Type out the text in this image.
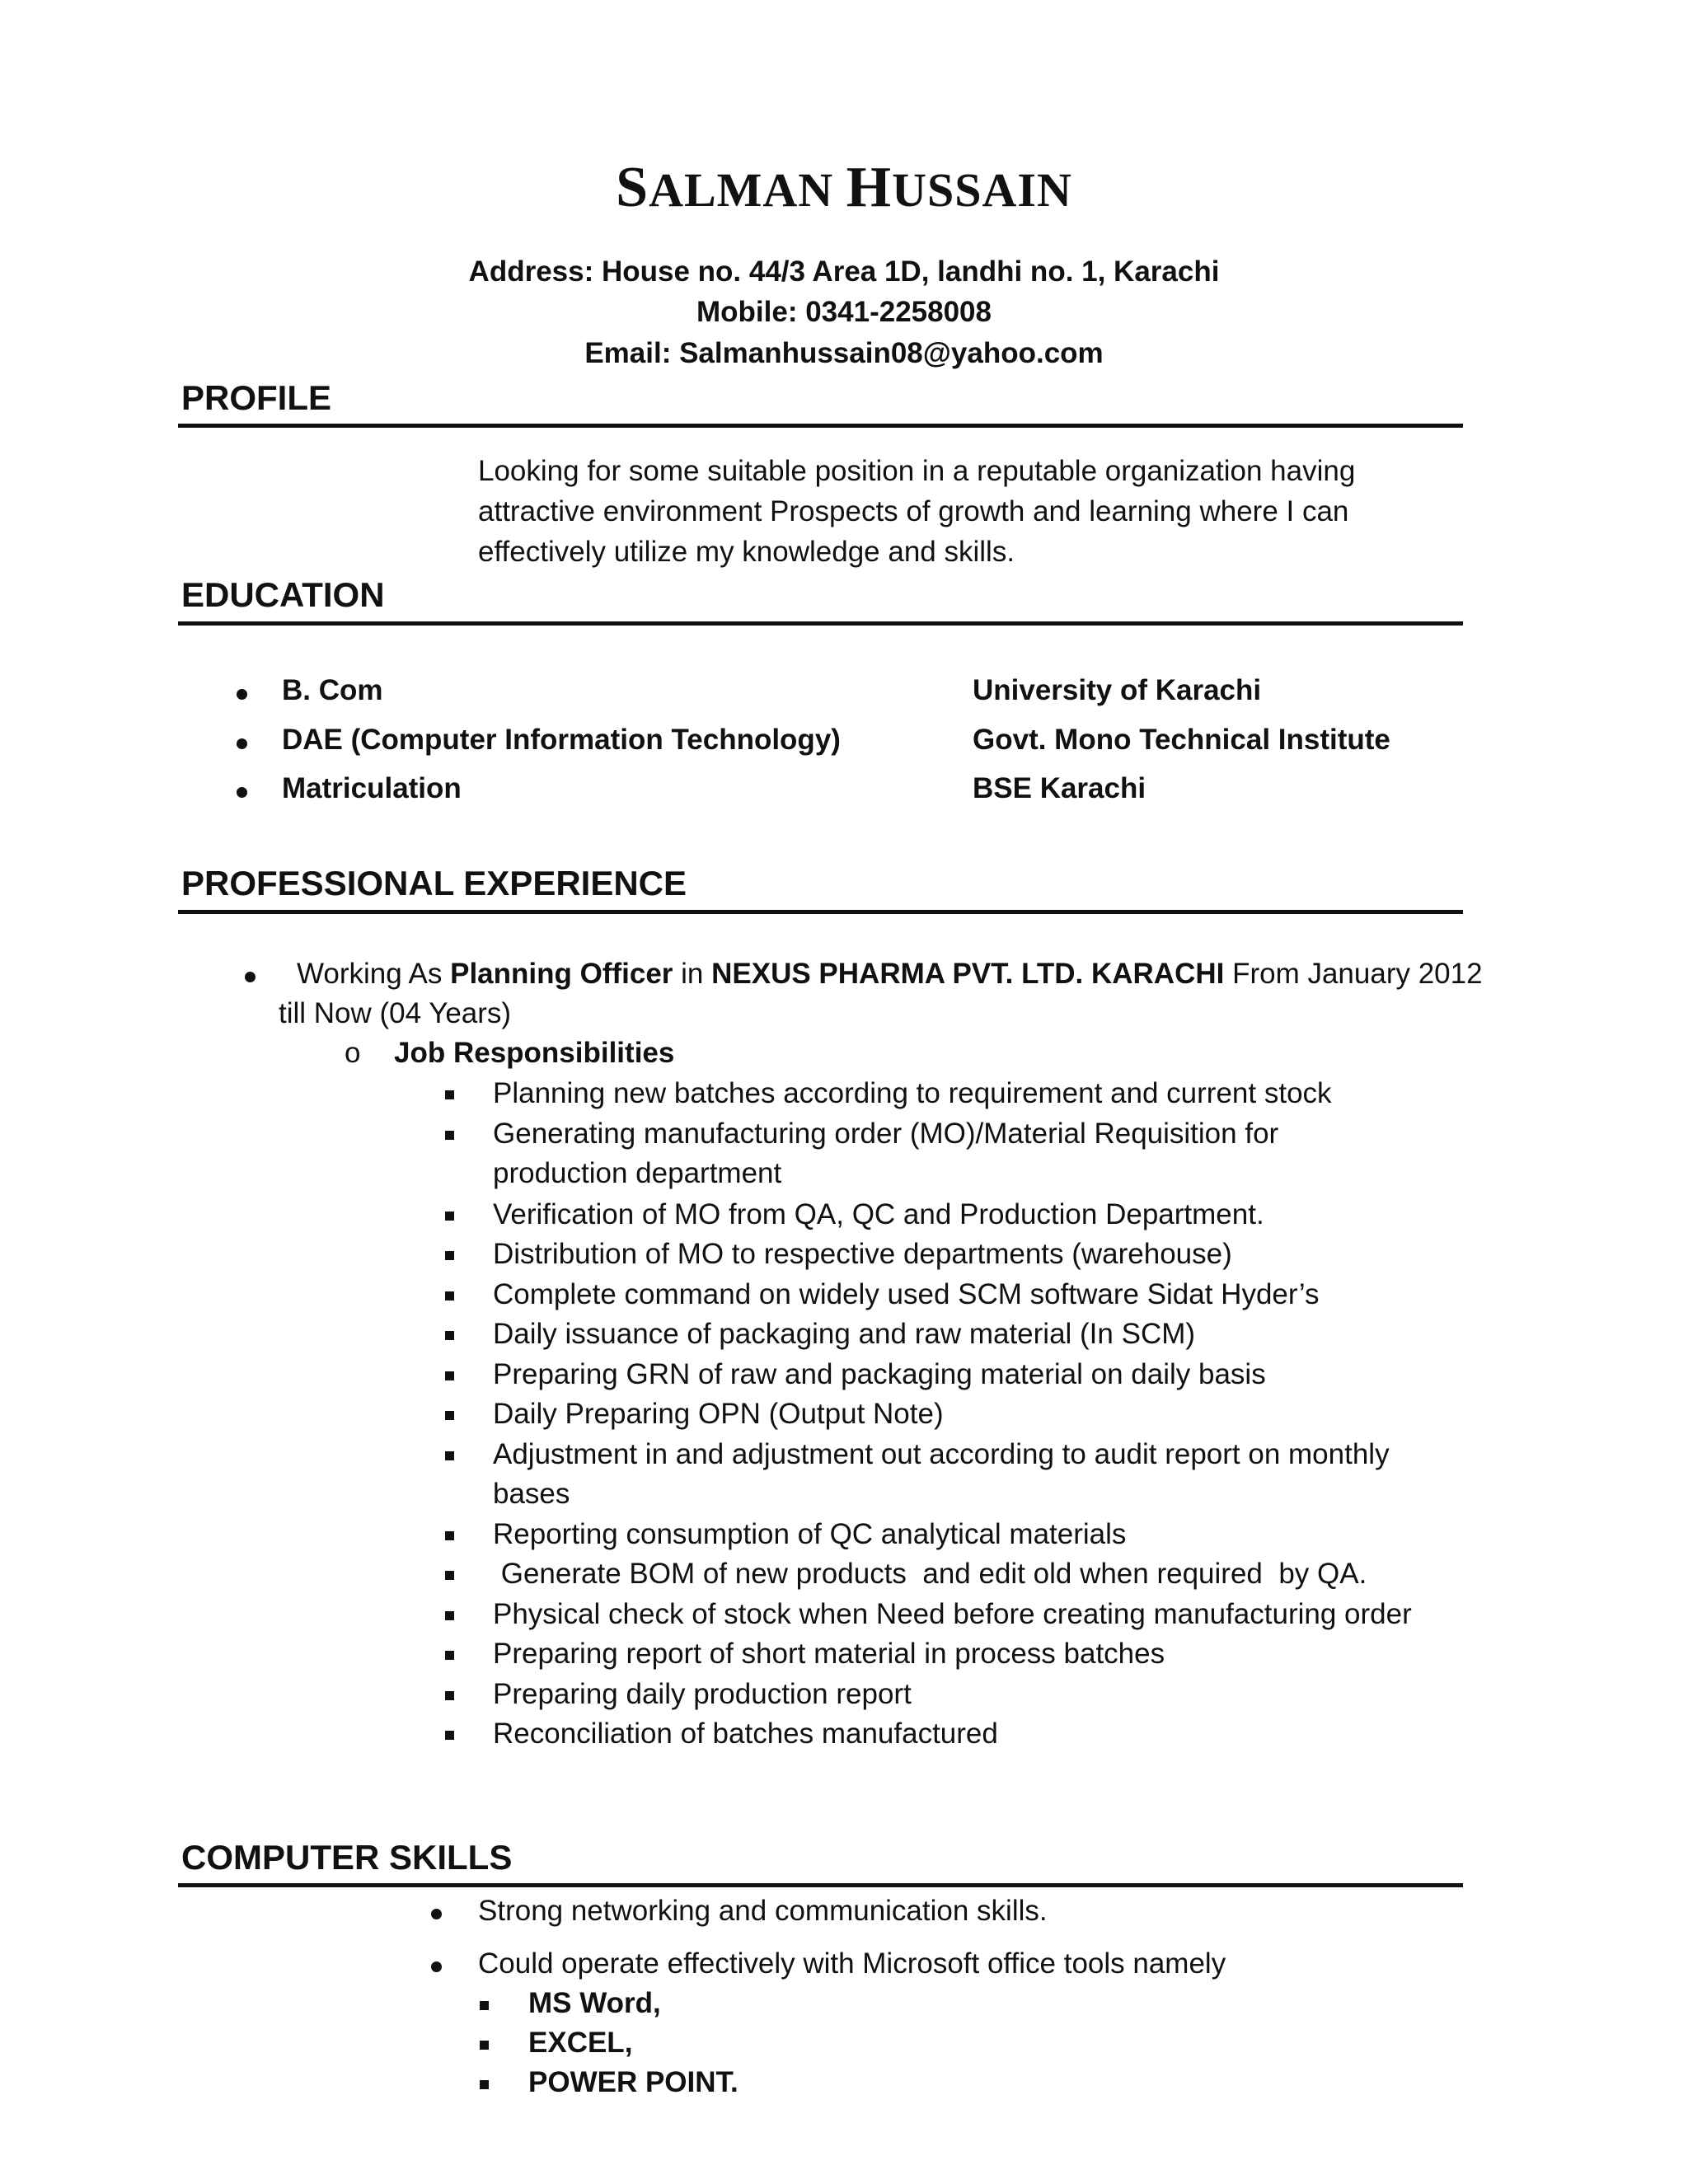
SALMAN HUSSAIN
Address: House no. 44/3 Area 1D, landhi no. 1, Karachi
Mobile: 0341-2258008
Email: Salmanhussain08@yahoo.com
PROFILE
Looking for some suitable position in a reputable organization having
attractive environment Prospects of growth and learning where I can
effectively utilize my knowledge and skills.
EDUCATION
B. Com	University of Karachi
DAE (Computer Information Technology)	Govt. Mono Technical Institute
Matriculation	BSE Karachi
PROFESSIONAL EXPERIENCE
Working As Planning Officer in NEXUS PHARMA PVT. LTD. KARACHI From January 2012
till Now (04 Years)
o Job Responsibilities
Planning new batches according to requirement and current stock
Generating manufacturing order (MO)/Material Requisition for
production department
Verification of MO from QA, QC and Production Department.
Distribution of MO to respective departments (warehouse)
Complete command on widely used SCM software Sidat Hyder’s
Daily issuance of packaging and raw material (In SCM)
Preparing GRN of raw and packaging material on daily basis
Daily Preparing OPN (Output Note)
Adjustment in and adjustment out according to audit report on monthly
bases
Reporting consumption of QC analytical materials
Generate BOM of new products  and edit old when required  by QA.
Physical check of stock when Need before creating manufacturing order
Preparing report of short material in process batches
Preparing daily production report
Reconciliation of batches manufactured
COMPUTER SKILLS
Strong networking and communication skills.
Could operate effectively with Microsoft office tools namely
MS Word,
EXCEL,
POWER POINT.
